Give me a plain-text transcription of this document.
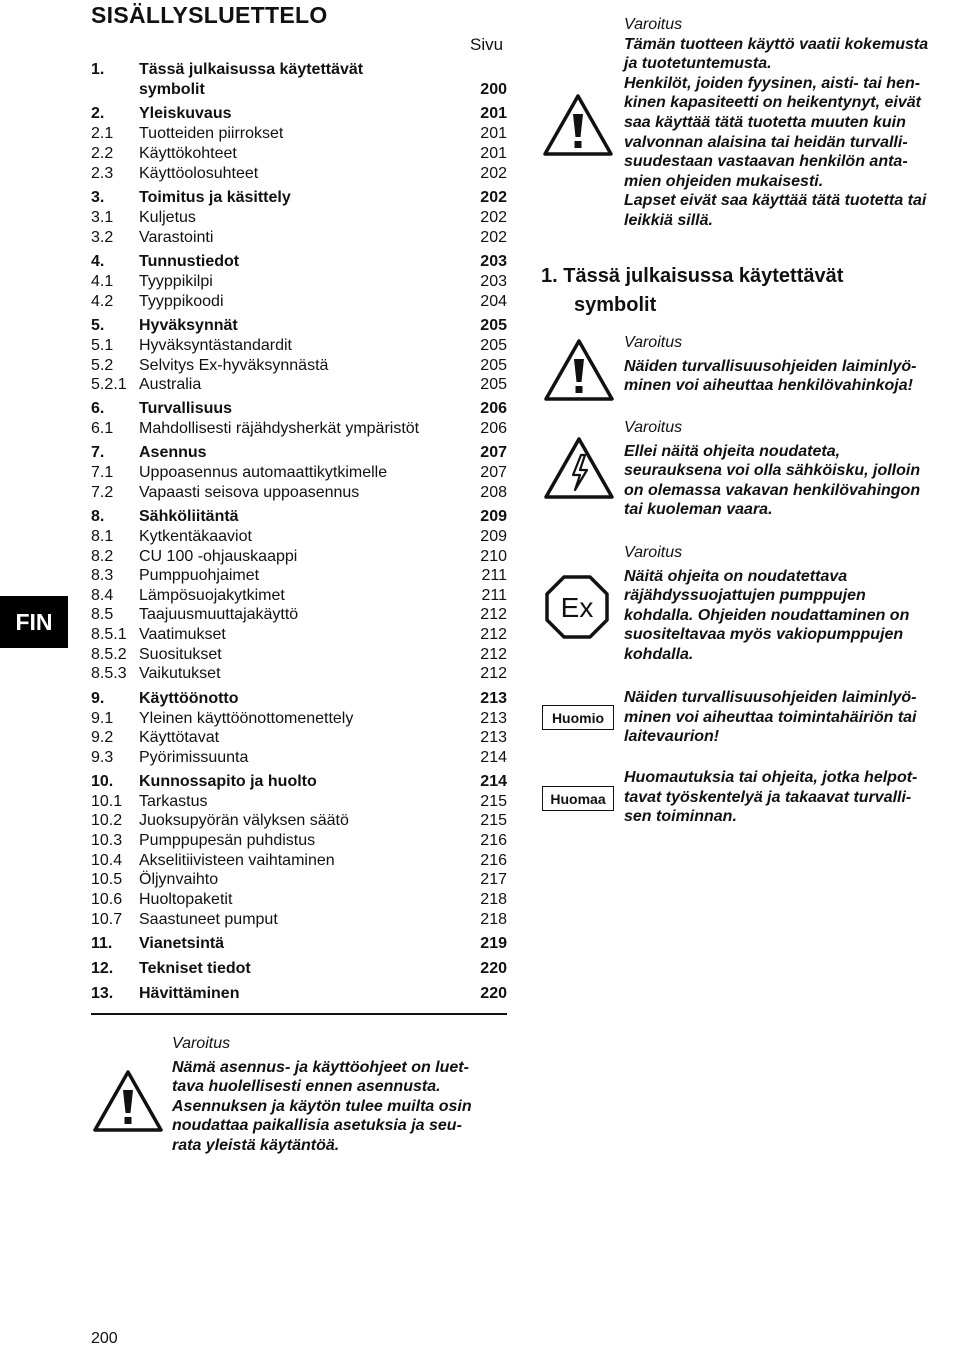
SISÄLLYSLUETTELO
Sivu
1. Tässä julkaisussa käytettävät
symbolit	200
2. Yleiskuvaus	201
2.1 Tuotteiden piirrokset	201
2.2 Käyttökohteet	201
2.3 Käyttöolosuhteet	202
3. Toimitus ja käsittely	202
3.1 Kuljetus	202
3.2 Varastointi	202
4. Tunnustiedot	203
4.1 Tyyppikilpi	203
4.2 Tyyppikoodi	204
5. Hyväksynnät	205
5.1 Hyväksyntästandardit	205
5.2 Selvitys Ex-hyväksynnästä	205
5.2.1 Australia	205
6. Turvallisuus	206
6.1 Mahdollisesti räjähdysherkät ympäristöt	206
7. Asennus	207
7.1 Uppoasennus automaattikytkimelle	207
7.2 Vapaasti seisova uppoasennus	208
8. Sähköliitäntä	209
8.1 Kytkentäkaaviot	209
8.2 CU 100 -ohjauskaappi	210
8.3 Pumppuohjaimet	211
8.4 Lämpösuojakytkimet	211
8.5 Taajuusmuuttajakäyttö	212
8.5.1 Vaatimukset	212
8.5.2 Suositukset	212
8.5.3 Vaikutukset	212
9. Käyttöönotto	213
9.1 Yleinen käyttöönottomenettely	213
9.2 Käyttötavat	213
9.3 Pyörimissuunta	214
10. Kunnossapito ja huolto	214
10.1 Tarkastus	215
10.2 Juoksupyörän välyksen säätö	215
10.3 Pumppupesän puhdistus	216
10.4 Akselitiivisteen vaihtaminen	216
10.5 Öljynvaihto	217
10.6 Huoltopaketit	218
10.7 Saastuneet pumput	218
11. Vianetsintä	219
12. Tekniset tiedot	220
13. Hävittäminen	220
FIN
Varoitus
Tämän tuotteen käyttö vaatii kokemusta
ja tuotetuntemusta.
Henkilöt, joiden fyysinen, aisti- tai hen-
kinen kapasiteetti on heikentynyt, eivät
saa käyttää tätä tuotetta muuten kuin
valvonnan alaisina tai heidän turvalli-
suudestaan vastaavan henkilön anta-
mien ohjeiden mukaisesti.
Lapset eivät saa käyttää tätä tuotetta tai
leikkiä sillä.
1. Tässä julkaisussa käytettävät
symbolit
Varoitus
Näiden turvallisuusohjeiden laiminlyö-
minen voi aiheuttaa henkilövahinkoja!
Varoitus
Ellei näitä ohjeita noudateta,
seurauksena voi olla sähköisku, jolloin
on olemassa vakavan henkilövahingon
tai kuoleman vaara.
Ex
Varoitus
Näitä ohjeita on noudatettava
räjähdyssuojattujen pumppujen
kohdalla. Ohjeiden noudattaminen on
suositeltavaa myös vakiopumppujen
kohdalla.
Huomio
Näiden turvallisuusohjeiden laiminlyö-
minen voi aiheuttaa toimintahäiriön tai
laitevaurion!
Huomaa
Huomautuksia tai ohjeita, jotka helpot-
tavat työskentelyä ja takaavat turvalli-
sen toiminnan.
Varoitus
Nämä asennus- ja käyttöohjeet on luet-
tava huolellisesti ennen asennusta.
Asennuksen ja käytön tulee muilta osin
noudattaa paikallisia asetuksia ja seu-
rata yleistä käytäntöä.
200
